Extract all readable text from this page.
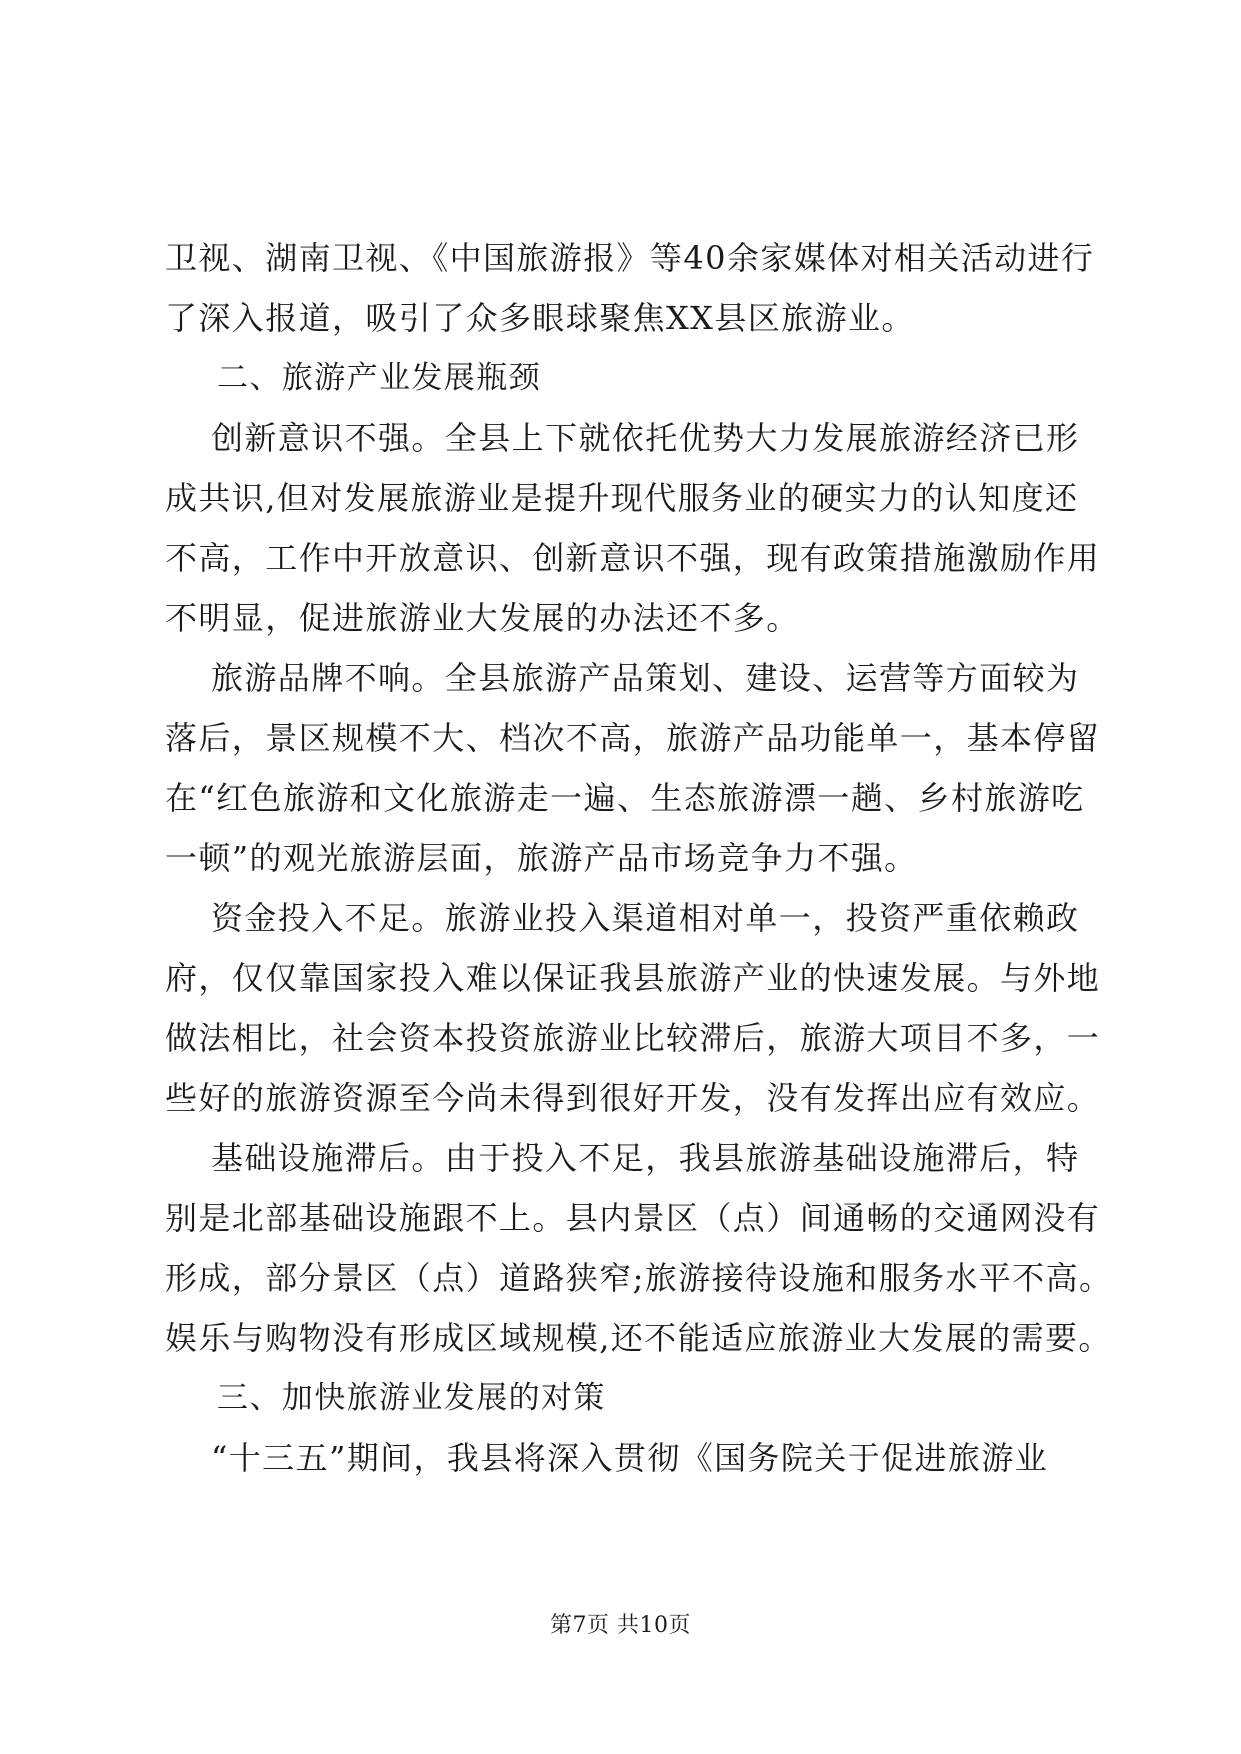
卫视、湖南卫视、《中国旅游报》等40余家媒体对相关活动进行
了深入报道，吸引了众多眼球聚焦XX县区旅游业。
二、旅游产业发展瓶颈
创新意识不强。全县上下就依托优势大力发展旅游经济已形
成共识,但对发展旅游业是提升现代服务业的硬实力的认知度还
不高，工作中开放意识、创新意识不强，现有政策措施激励作用
不明显，促进旅游业大发展的办法还不多。
旅游品牌不响。全县旅游产品策划、建设、运营等方面较为
落后，景区规模不大、档次不高，旅游产品功能单一，基本停留
在“红色旅游和文化旅游走一遍、生态旅游漂一趟、乡村旅游吃
一顿”的观光旅游层面，旅游产品市场竞争力不强。
资金投入不足。旅游业投入渠道相对单一，投资严重依赖政
府，仅仅靠国家投入难以保证我县旅游产业的快速发展。与外地
做法相比，社会资本投资旅游业比较滞后，旅游大项目不多，一
些好的旅游资源至今尚未得到很好开发，没有发挥出应有效应。
基础设施滞后。由于投入不足，我县旅游基础设施滞后，特
别是北部基础设施跟不上。县内景区（点）间通畅的交通网没有
形成，部分景区（点）道路狭窄;旅游接待设施和服务水平不高。
娱乐与购物没有形成区域规模,还不能适应旅游业大发展的需要。
三、加快旅游业发展的对策
“十三五”期间，我县将深入贯彻《国务院关于促进旅游业
第7页 共10页
